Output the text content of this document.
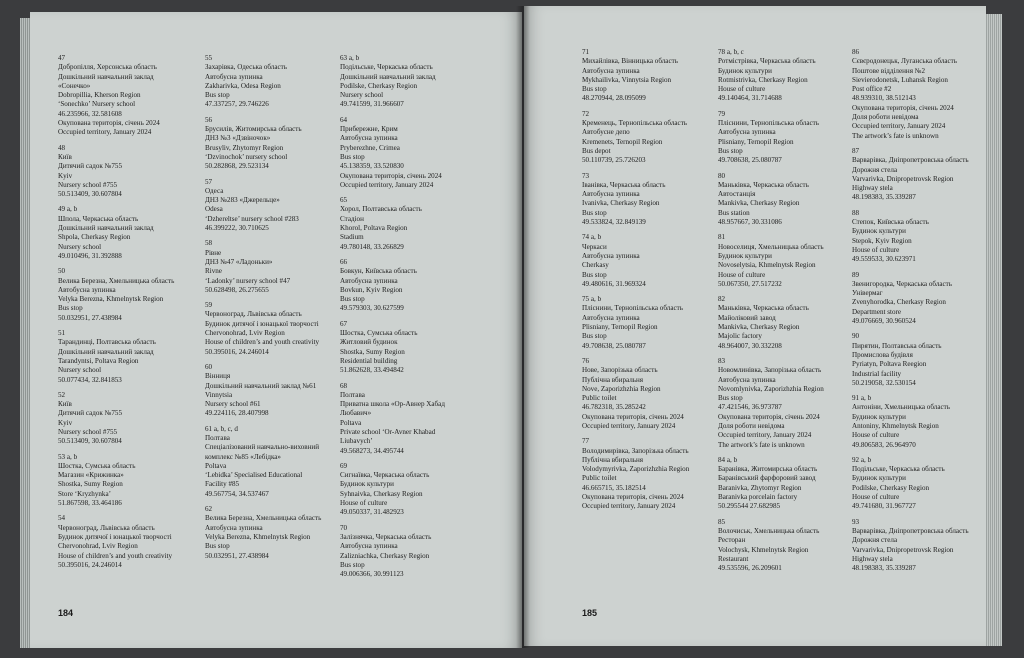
47
Добропілля, Херсонська область
Дошкільний навчальний заклад
«Сонечко»
Dobropillia, Kherson Region
‘Sonechko’ Nursery school
46.235966, 32.581608
Окупована територія, січень 2024
Occupied territory, January 2024
48
Київ
Дитячий садок №755
Kyiv
Nursery school #755
50.513409, 30.607804
49 a, b
Шпола, Черкаська область
Дошкільний навчальний заклад
Shpola, Cherkasy Region
Nursery school
49.010496, 31.392888
50
Велика Березна, Хмельницька область
Автобусна зупинка
Velyka Berezna, Khmelnytsk Region
Bus stop
50.032951, 27.438984
51
Тарандинці, Полтавська область
Дошкільний навчальний заклад
Tarandyntsi, Poltava Region
Nursery school
50.077434, 32.841853
52
Київ
Дитячий садок №755
Kyiv
Nursery school #755
50.513409, 30.607804
53 a, b
Шостка, Сумська область
Магазин «Крижинка»
Shostka, Sumy Region
Store ‘Kryzhynka’
51.867598, 33.464186
54
Червоноград, Львівська область
Будинок дитячої і юнацької творчості
Chervonohrad, Lviv Region
House of children’s and youth creativity
50.395016, 24.246014
55
Захарівка, Одеська область
Автобусна зупинка
Zakharivka, Odesa Region
Bus stop
47.337257, 29.746226
56
Брусилів, Житомирська область
ДНЗ №3 «Дзвіночок»
Brusyliv, Zhytomyr Region
‘Dzvinochok’ nursery school
50.282868, 29.523134
57
Одеса
ДНЗ №283 «Джерельце»
Odesa
‘Dzhereltse’ nursery school #283
46.399222, 30.710625
58
Рівне
ДНЗ №47 «Ладоньки»
Rivne
‘Ladonky’ nursery school #47
50.628498, 26.275655
59
Червоноград, Львівська область
Будинок дитячої і юнацької творчості
Chervonohrad, Lviv Region
House of children’s and youth creativity
50.395016, 24.246014
60
Вінниця
Дошкільний навчальний заклад №61
Vinnytsia
Nursery school #61
49.224116, 28.407998
61 a, b, c, d
Полтава
Спеціалізований навчально-виховний
комплекс №85 «Лебідка»
Poltava
‘Lebidka’ Specialised Educational
Facility #85
49.567754, 34.537467
62
Велика Березна, Хмельницька область
Автобусна зупинка
Velyka Berezna, Khmelnytsk Region
Bus stop
50.032951, 27.438984
63 a, b
Подільське, Черкаська область
Дошкільний навчальний заклад
Podilske, Cherkasy Region
Nursery school
49.741599, 31.966607
64
Прибережне, Крим
Автобусна зупинка
Pryberezhne, Crimea
Bus stop
45.138359, 33.520830
Окупована територія, січень 2024
Occupied territory, January 2024
65
Хорол, Полтавська область
Стадіон
Khorol, Poltava Region
Stadium
49.780148, 33.266829
66
Бовкун, Київська область
Автобусна зупинка
Bovkun, Kyiv Region
Bus stop
49.579303, 30.627599
67
Шостка, Сумська область
Житловий будинок
Shostka, Sumy Region
Residential building
51.862628, 33.494842
68
Полтава
Приватна школа «Ор-Авнер Хабад
Любавич»
Poltava
Private school ‘Or-Avner Khabad
Liubavych’
49.568273, 34.495744
69
Сигнаївка, Черкаська область
Будинок культури
Syhnaivka, Cherkasy Region
House of culture
49.050337, 31.482923
70
Залізнячка, Черкаська область
Автобусна зупинка
Zalizniachka, Cherkasy Region
Bus stop
49.006366, 30.991123
184
71
Михайлівка, Вінницька область
Автобусна зупинка
Mykhailivka, Vinnytsia Region
Bus stop
48.270944, 28.095099
72
Кременець, Тернопільська область
Автобусне депо
Kremenets, Ternopil Region
Bus depot
50.110739, 25.726203
73
Іванівка, Черкаська область
Автобусна зупинка
Ivanivka, Cherkasy Region
Bus stop
49.533824, 32.849139
74 a, b
Черкаси
Автобусна зупинка
Cherkasy
Bus stop
49.480616, 31.969324
75 a, b
Пліснини, Тернопільська область
Автобусна зупинка
Plisniany, Ternopil Region
Bus stop
49.708638, 25.080787
76
Нове, Запорізька область
Публічна вбиральня
Nove, Zaporizhzhia Region
Public toilet
46.782318, 35.285242
Окупована територія, січень 2024
Occupied territory, January 2024
77
Володимирівка, Запорізька область
Публічна вбиральня
Volodymyrivka, Zaporizhzhia Region
Public toilet
46.665715, 35.182514
Окупована територія, січень 2024
Occupied territory, January 2024
78 a, b, c
Ротмістрівка, Черкаська область
Будинок культури
Rotmistrivka, Cherkasy Region
House of culture
49.140464, 31.714688
79
Пліснини, Тернопільська область
Автобусна зупинка
Plisniany, Ternopil Region
Bus stop
49.708638, 25.080787
80
Маньківка, Черкаська область
Автостанція
Mankivka, Cherkasy Region
Bus station
48.957667, 30.331086
81
Новоселиця, Хмельницька область
Будинок культури
Novoselytsia, Khmelnytsk Region
House of culture
50.067350, 27.517232
82
Маньківка, Черкаська область
Майоліковий завод
Mankivka, Cherkasy Region
Majolic factory
48.964007, 30.332208
83
Новомлинівка, Запорізька область
Автобусна зупинка
Novomlynivka, Zaporizhzhia Region
Bus stop
47.421546, 36.973787
Окупована територія, січень 2024
Доля роботи невідома
Occupied territory, January 2024
The artwork’s fate is unknown
84 a, b
Баранівка, Житомирська область
Баранівський фарфоровий завод
Baranivka, Zhytomyr Region
Baranivka porcelain factory
50.295544 27.682985
85
Волочиськ, Хмельницька область
Ресторан
Volochysk, Khmelnytsk Region
Restaurant
49.535596, 26.209601
86
Сєвєродонецьк, Луганська область
Поштове відділення №2
Sievierodonetsk, Luhansk Region
Post office #2
48.939310, 38.512143
Окупована територія, січень 2024
Доля роботи невідома
Occupied territory, January 2024
The artwork’s fate is unknown
87
Варварівка, Дніпропетровська область
Дорожня стела
Varvarivka, Dnipropetrovsk Region
Highway stela
48.198383, 35.339287
88
Степок, Київська область
Будинок культури
Stepok, Kyiv Region
House of culture
49.559533, 30.623971
89
Звенигородка, Черкаська область
Універмаг
Zvenyhorodka, Cherkasy Region
Department store
49.076669, 30.960524
90
Пирятин, Полтавська область
Промислова будівля
Pyriatyn, Poltava Reegion
Industrial facility
50.219058, 32.530154
91 a, b
Антоніни, Хмельницька область
Будинок культури
Antoniny, Khmelnytsk Region
House of culture
49.806583, 26.964970
92 a, b
Подільське, Черкаська область
Будинок культури
Podilske, Cherkasy Region
House of culture
49.741680, 31.967727
93
Варварівка, Дніпропетровська область
Дорожня стела
Varvarivka, Dnipropetrovsk Region
Highway stela
48.198383, 35.339287
185
